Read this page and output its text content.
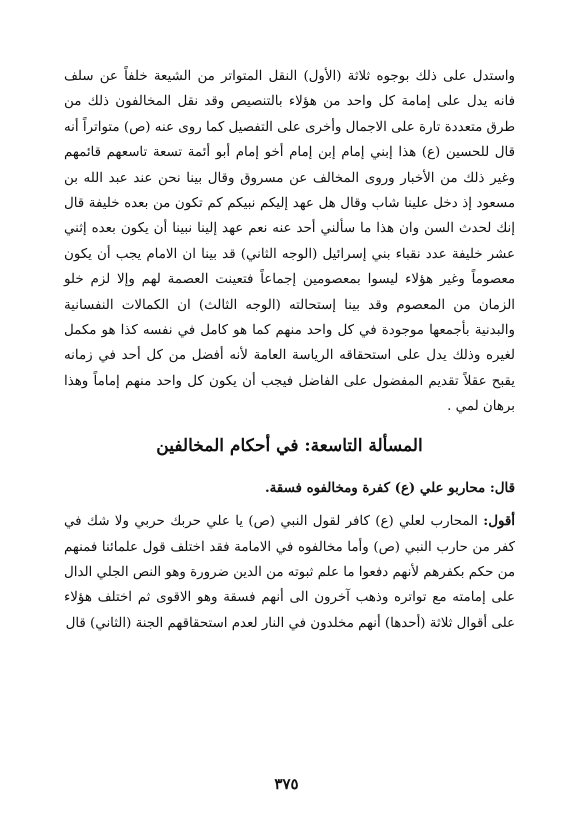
واستدل على ذلك بوجوه ثلاثة (الأول) النقل المتواتر من الشيعة خلفاً عن سلف فانه يدل على إمامة كل واحد من هؤلاء بالتنصيص وقد نقل المخالفون ذلك من طرق متعددة تارة على الاجمال وأخرى على التفصيل كما روى عنه (ص) متواتراً أنه قال للحسين (ع) هذا إبني إمام إبن إمام أخو إمام أبو أئمة تسعة تاسعهم قائمهم وغير ذلك من الأخبار وروى المخالف عن مسروق وقال بينا نحن عند عبد الله بن مسعود إذ دخل علينا شاب وقال هل عهد إليكم نبيكم كم تكون من بعده خليفة قال إنك لحدث السن وان هذا ما سألني أحد عنه نعم عهد إلينا نبينا أن يكون بعده إثني عشر خليفة عدد نقباء بني إسرائيل (الوجه الثاني) قد بينا ان الامام يجب أن يكون معصوماً وغير هؤلاء ليسوا بمعصومين إجماعاً فتعينت العصمة لهم وإلا لزم خلو الزمان من المعصوم وقد بينا إستحالته (الوجه الثالث) ان الكمالات النفسانية والبدنية بأجمعها موجودة في كل واحد منهم كما هو كامل في نفسه كذا هو مكمل لغيره وذلك يدل على استحقاقه الرياسة العامة لأنه أفضل من كل أحد في زمانه يقبح عقلاً تقديم المفضول على الفاضل فيجب أن يكون كل واحد منهم إماماً وهذا برهان لمي .

المسألة التاسعة: في أحكام المخالفين

قال: محاربو علي (ع) كفرة ومخالفوه فسقة.

أقول: المحارب لعلي (ع) كافر لقول النبي (ص) يا علي حربك حربي ولا شك في كفر من حارب النبي (ص) وأما مخالفوه في الامامة فقد اختلف قول علمائنا فمنهم من حكم بكفرهم لأنهم دفعوا ما علم ثبوته من الدين ضرورة وهو النص الجلي الدال على إمامته مع تواتره وذهب آخرون الى أنهم فسقة وهو الاقوى ثم اختلف هؤلاء على أقوال ثلاثة (أحدها) أنهم مخلدون في النار لعدم استحقاقهم الجنة (الثاني) قال

٣٧٥
